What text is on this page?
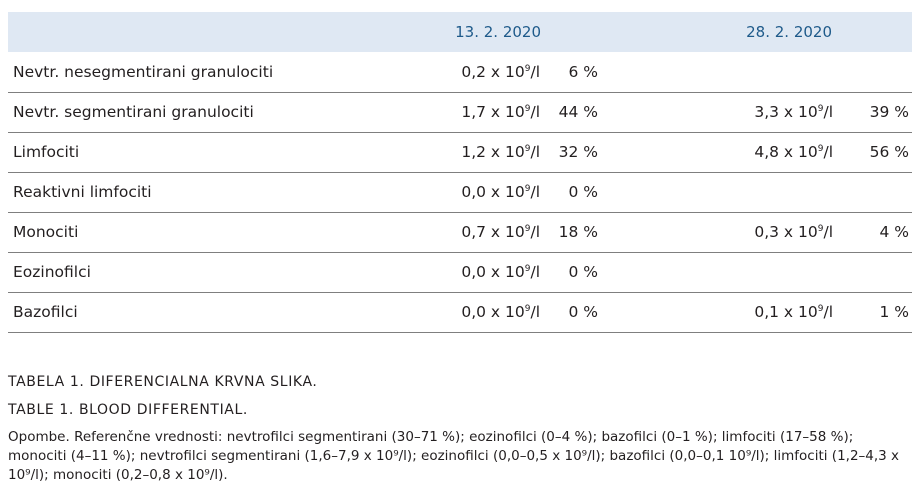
	13. 2. 2020		28. 2. 2020	
Nevtr. nesegmentirani granulociti	0,2 x $10^9/l$	6 %		
Nevtr. segmentirani granulociti	1,7 x $10^9/l$	44 %	3,3 x $10^9/l$	39 %
Limfociti	1,2 x $10^9/l$	32 %	4,8 x $10^9/l$	56 %
Reaktivni limfociti	0,0 x $10^9/l$	0 %		
Monociti	0,7 x $10^9/l$	18 %	0,3 x $10^9/l$	4 %
Eozinofilci	0,0 x $10^9/l$	0 %		
Bazofilci	0,0 x $10^9/l$	0 %	0,1 x $10^9/l$	1 %

TABELA 1. DIFERENCIALNA KRVNA SLIKA.

TABLE 1. BLOOD DIFFERENTIAL.

Opombe. Referenčne vrednosti: nevtrofilci segmentirani (30–71 %); eozinofilci (0–4 %); bazofilci (0–1 %); limfociti (17–58 %); monociti (4–11 %); nevtrofilci segmentirani (1,6–7,9 x 10⁹/l); eozinofilci (0,0–0,5 x 10⁹/l); bazofilci (0,0–0,1 10⁹/l); limfociti (1,2–4,3 x 10⁹/l); monociti (0,2–0,8 x 10⁹/l).
